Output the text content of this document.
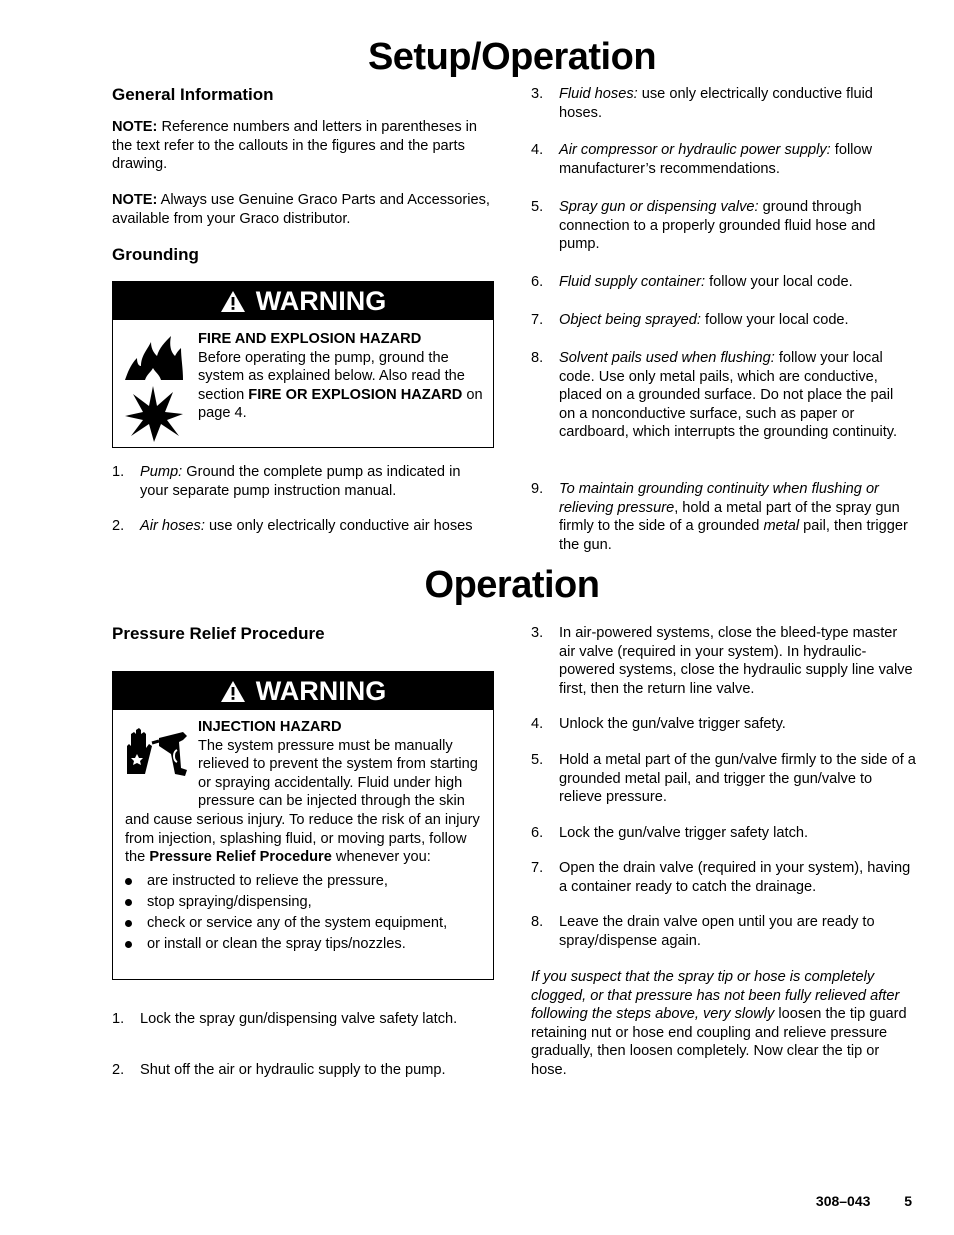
Setup/Operation
General Information
NOTE: Reference numbers and letters in parentheses in the text refer to the callouts in the figures and the parts drawing.
NOTE: Always use Genuine Graco Parts and Accessories, available from your Graco distributor.
Grounding
WARNING
FIRE AND EXPLOSION HAZARD
Before operating the pump, ground the system as explained below. Also read the section FIRE OR EXPLOSION HAZARD on page 4.
1.	Pump: Ground the complete pump as indicated in your separate pump instruction manual.
2.	Air hoses: use only electrically conductive air hoses
3.	Fluid hoses: use only electrically conductive fluid hoses.
4.	Air compressor or hydraulic power supply: follow manufacturer’s recommendations.
5.	Spray gun or dispensing valve: ground through connection to a properly grounded fluid hose and pump.
6.	Fluid supply container: follow your local code.
7.	Object being sprayed: follow your local code.
8.	Solvent pails used when flushing: follow your local code. Use only metal pails, which are conductive, placed on a grounded surface. Do not place the pail on a nonconductive surface, such as paper or cardboard, which interrupts the grounding continuity.
9.	To maintain grounding continuity when flushing or relieving pressure, hold a metal part of the spray gun firmly to the side of a grounded metal pail, then trigger the gun.
Operation
Pressure Relief Procedure
WARNING
INJECTION HAZARD
The system pressure must be manually relieved to prevent the system from starting or spraying accidentally. Fluid under high pressure can be injected through the skin and cause serious injury. To reduce the risk of an injury from injection, splashing fluid, or moving parts, follow the Pressure Relief Procedure whenever you:
are instructed to relieve the pressure,
stop spraying/dispensing,
check or service any of the system equipment,
or install or clean the spray tips/nozzles.
1.	Lock the spray gun/dispensing valve safety latch.
2.	Shut off the air or hydraulic supply to the pump.
3.	In air-powered systems, close the bleed-type master air valve (required in your system). In hydraulic-powered systems, close the hydraulic supply line valve first, then the return line valve.
4.	Unlock the gun/valve trigger safety.
5.	Hold a metal part of the gun/valve firmly to the side of a grounded metal pail, and trigger the gun/valve to relieve pressure.
6.	Lock the gun/valve trigger safety latch.
7.	Open the drain valve (required in your system), having a container ready to catch the drainage.
8.	Leave the drain valve open until you are ready to spray/dispense again.
If you suspect that the spray tip or hose is completely clogged, or that pressure has not been fully relieved after following the steps above, very slowly loosen the tip guard retaining nut or hose end coupling and relieve pressure gradually, then loosen completely. Now clear the tip or hose.
308–043 5
